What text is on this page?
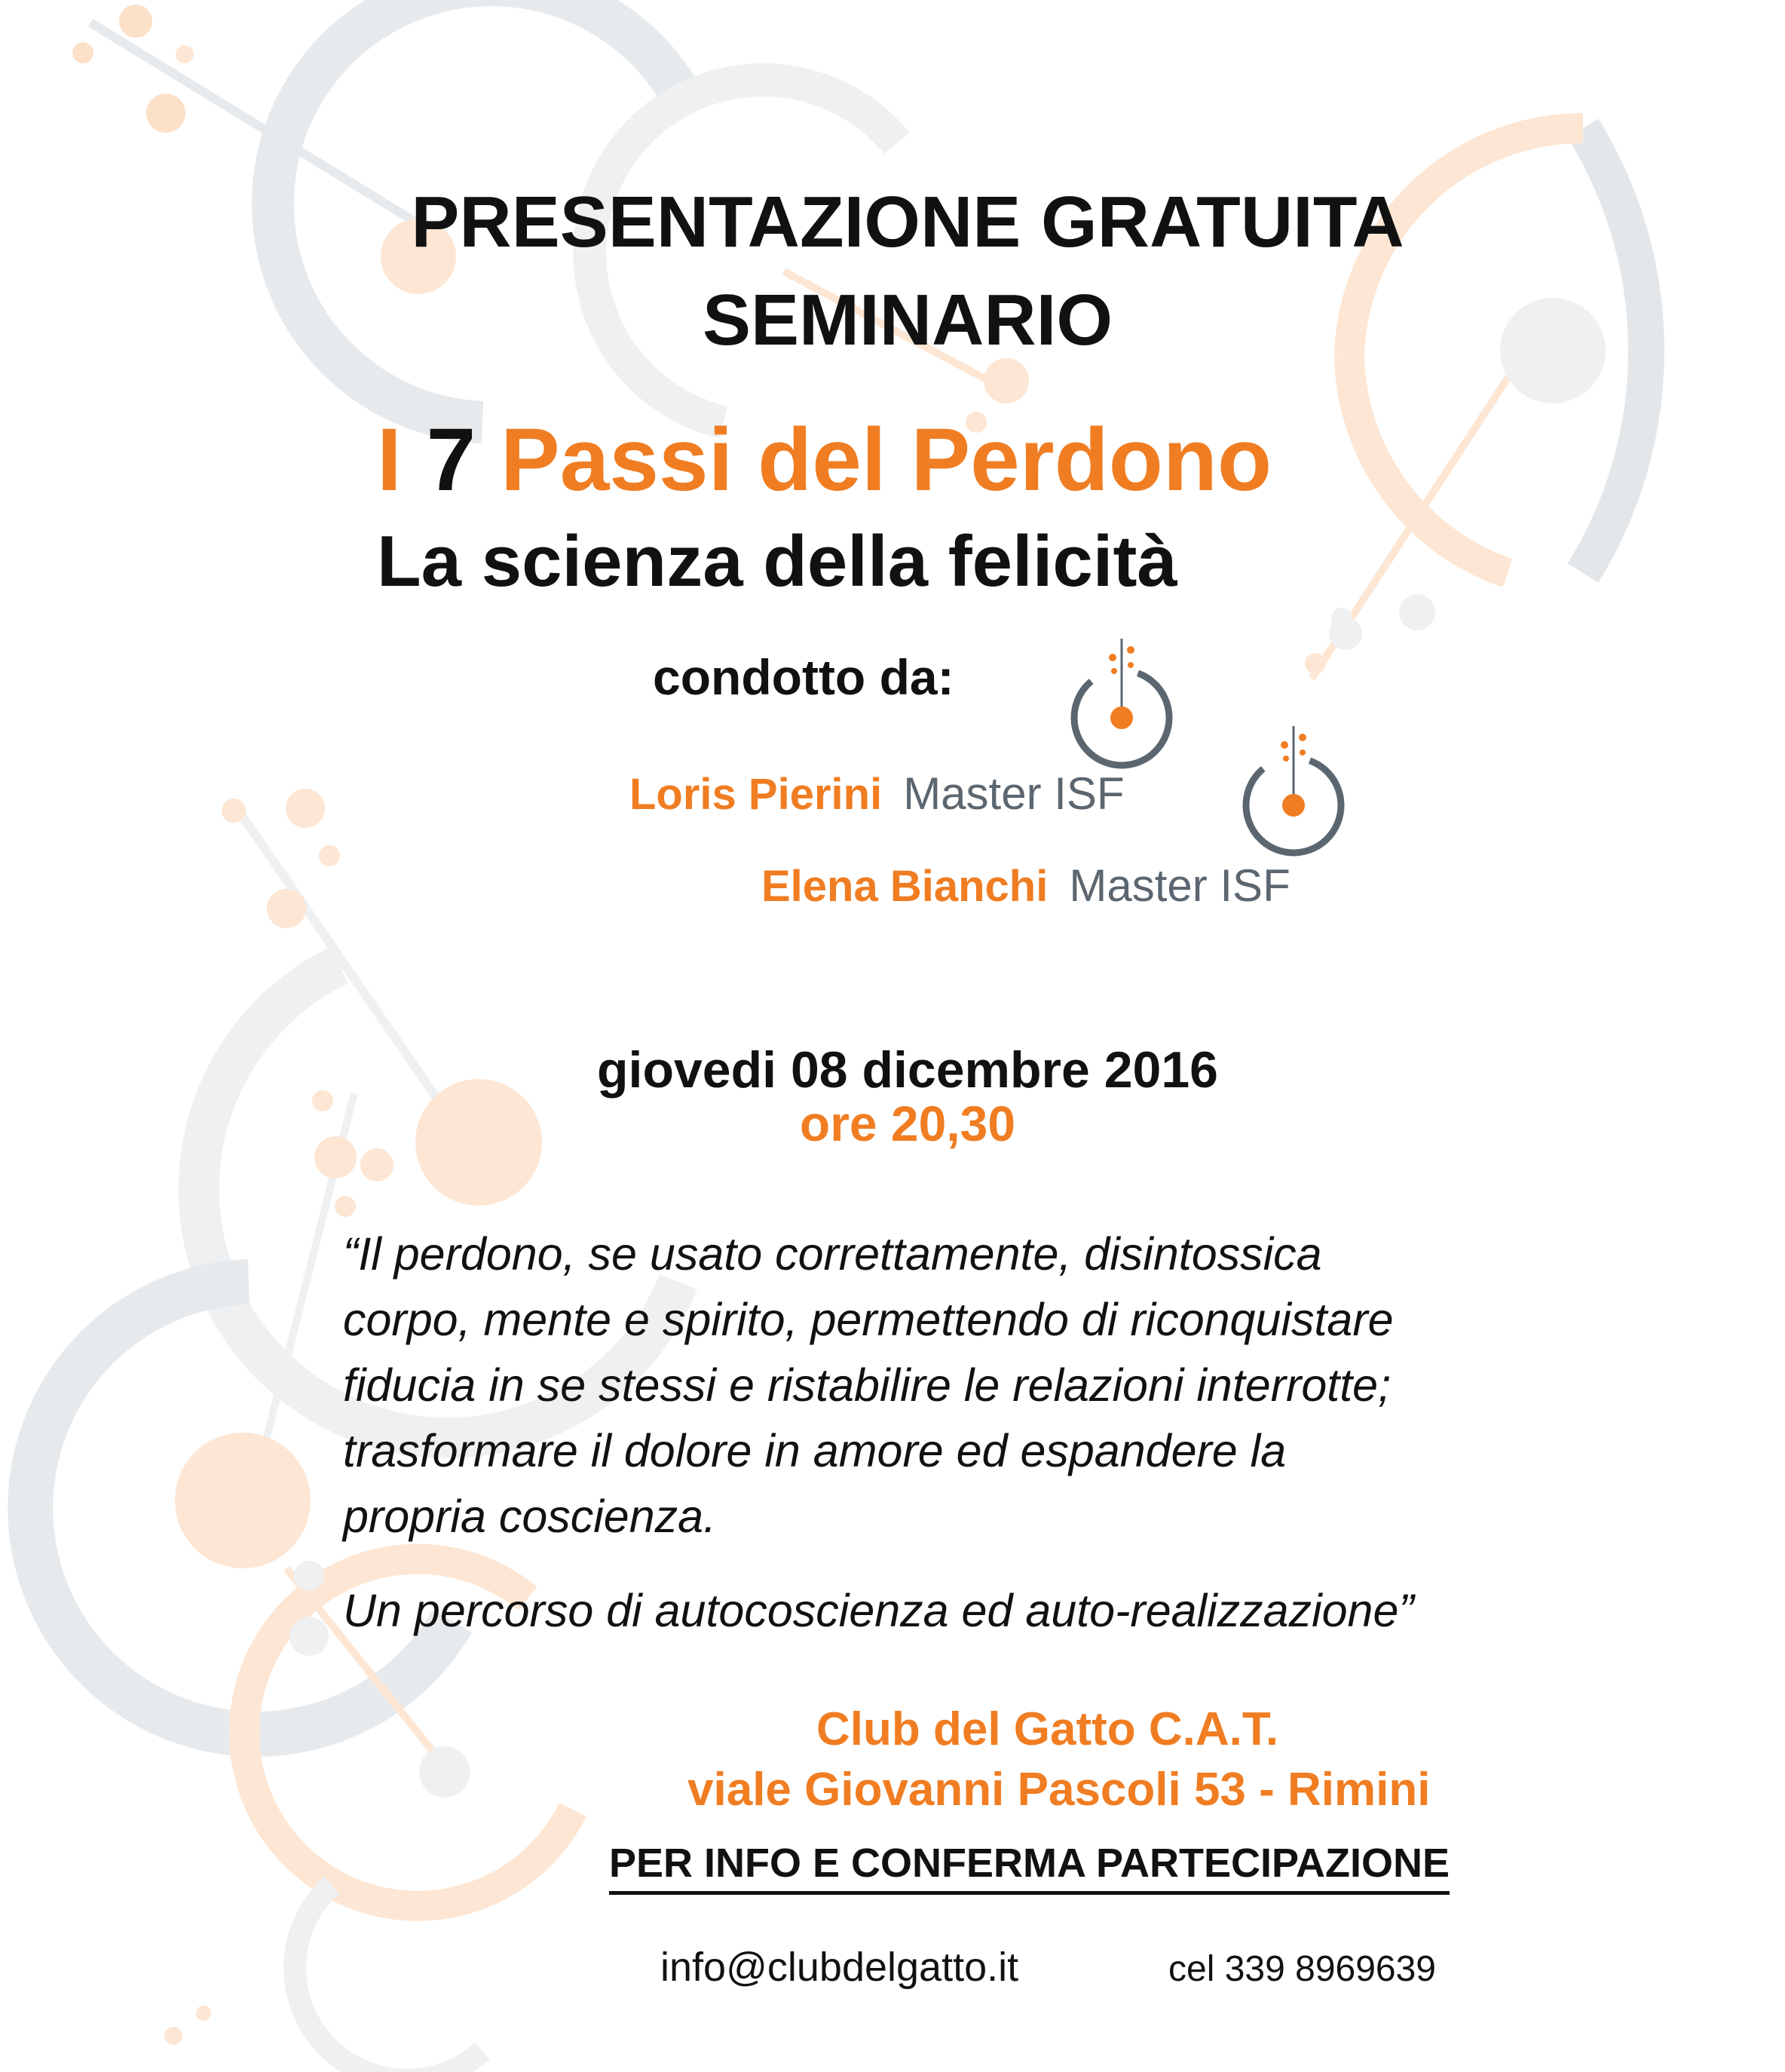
PRESENTAZIONE GRATUITA

SEMINARIO

I 7 Passi del Perdono

La scienza della felicità

condotto da:

Loris Pierini Master ISF

Elena Bianchi Master ISF

giovedi 08 dicembre 2016

ore 20,30

“Il perdono, se usato correttamente, disintossica
corpo, mente e spirito, permettendo di riconquistare
fiducia in se stessi e ristabilire le relazioni interrotte;
trasformare il dolore in amore ed espandere la
propria coscienza.
Un percorso di autocoscienza ed auto-realizzazione”

Club del Gatto C.A.T.

viale Giovanni Pascoli 53 - Rimini

PER INFO E CONFERMA PARTECIPAZIONE

info@clubdelgatto.it	cel 339 8969639
